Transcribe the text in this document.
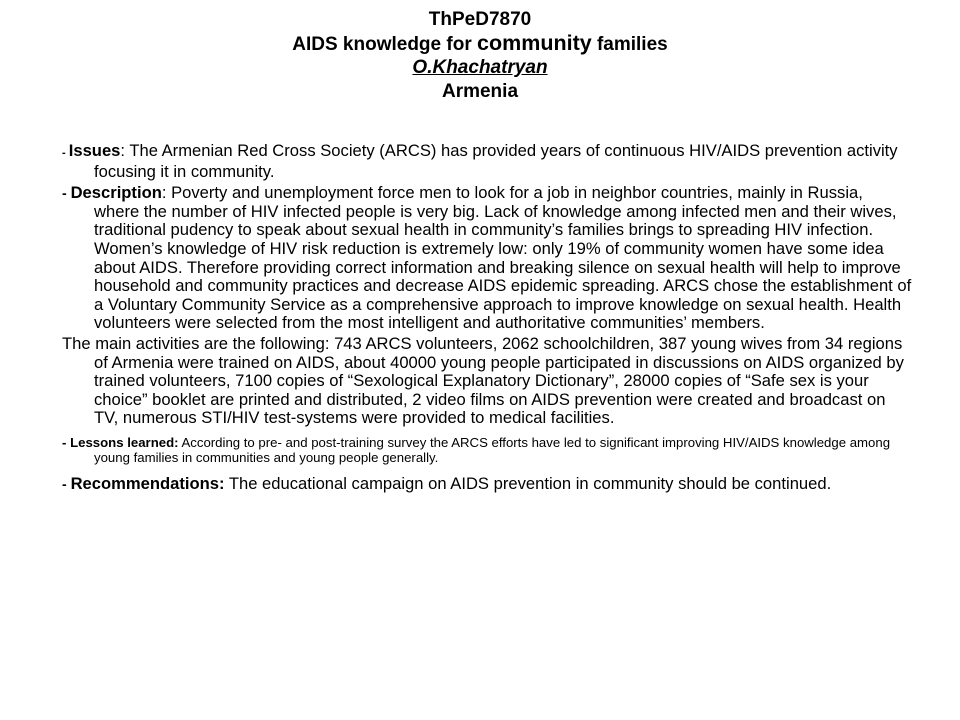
ThPeD7870
AIDS knowledge for community families
O.Khachatryan
Armenia

- Issues: The Armenian Red Cross Society (ARCS) has provided years of continuous HIV/AIDS prevention activity focusing it in community.

- Description: Poverty and unemployment force men to look for a job in neighbor countries, mainly in Russia, where the number of HIV infected people is very big. Lack of knowledge among infected men and their wives, traditional pudency to speak about sexual health in community’s families brings to spreading HIV infection. Women’s knowledge of HIV risk reduction is extremely low: only 19% of community women have some idea about AIDS. Therefore providing correct information and breaking silence on sexual health will help to improve household and community practices and decrease AIDS epidemic spreading. ARCS chose the establishment of a Voluntary Community Service as a comprehensive approach to improve knowledge on sexual health. Health volunteers were selected from the most intelligent and authoritative communities’ members.

The main activities are the following: 743 ARCS volunteers, 2062 schoolchildren, 387 young wives from 34 regions of Armenia were trained on AIDS, about 40000 young people participated in discussions on AIDS organized by trained volunteers, 7100 copies of “Sexological Explanatory Dictionary”, 28000 copies of “Safe sex is your choice” booklet are printed and distributed, 2 video films on AIDS prevention were created and broadcast on TV, numerous STI/HIV test-systems were provided to medical facilities.

- Lessons learned: According to pre- and post-training survey the ARCS efforts have led to significant improving HIV/AIDS knowledge among young families in communities and young people generally.

- Recommendations: The educational campaign on AIDS prevention in community should be continued.
